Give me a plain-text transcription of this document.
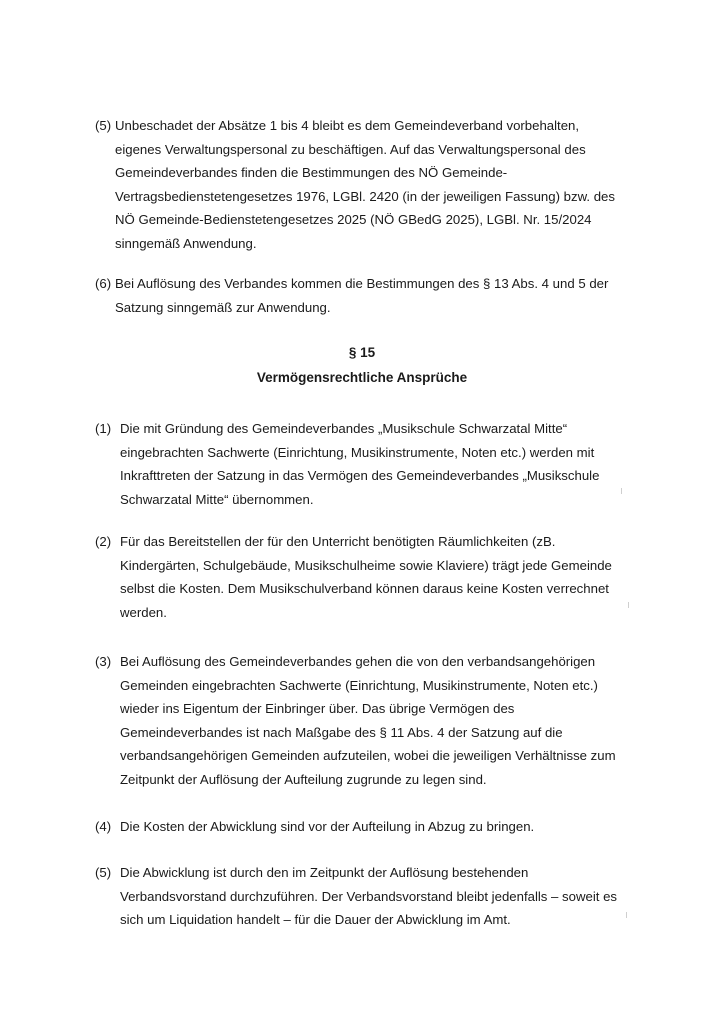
(5) Unbeschadet der Absätze 1 bis 4 bleibt es dem Gemeindeverband vorbehalten,
eigenes Verwaltungspersonal zu beschäftigen. Auf das Verwaltungspersonal des
Gemeindeverbandes finden die Bestimmungen des NÖ Gemeinde-
Vertragsbedienstetengesetzes 1976, LGBl. 2420 (in der jeweiligen Fassung) bzw. des
NÖ Gemeinde-Bedienstetengesetzes 2025 (NÖ GBedG 2025), LGBl. Nr. 15/2024
sinngemäß Anwendung.
(6) Bei Auflösung des Verbandes kommen die Bestimmungen des § 13 Abs. 4 und 5 der
Satzung sinngemäß zur Anwendung.
§ 15
Vermögensrechtliche Ansprüche
(1) Die mit Gründung des Gemeindeverbandes „Musikschule Schwarzatal Mitte“
eingebrachten Sachwerte (Einrichtung, Musikinstrumente, Noten etc.) werden mit
Inkrafttreten der Satzung in das Vermögen des Gemeindeverbandes „Musikschule
Schwarzatal Mitte“ übernommen.
(2) Für das Bereitstellen der für den Unterricht benötigten Räumlichkeiten (zB.
Kindergärten, Schulgebäude, Musikschulheime sowie Klaviere) trägt jede Gemeinde
selbst die Kosten. Dem Musikschulverband können daraus keine Kosten verrechnet
werden.
(3) Bei Auflösung des Gemeindeverbandes gehen die von den verbandsangehörigen
Gemeinden eingebrachten Sachwerte (Einrichtung, Musikinstrumente, Noten etc.)
wieder ins Eigentum der Einbringer über. Das übrige Vermögen des
Gemeindeverbandes ist nach Maßgabe des § 11 Abs. 4 der Satzung auf die
verbandsangehörigen Gemeinden aufzuteilen, wobei die jeweiligen Verhältnisse zum
Zeitpunkt der Auflösung der Aufteilung zugrunde zu legen sind.
(4) Die Kosten der Abwicklung sind vor der Aufteilung in Abzug zu bringen.
(5) Die Abwicklung ist durch den im Zeitpunkt der Auflösung bestehenden
Verbandsvorstand durchzuführen. Der Verbandsvorstand bleibt jedenfalls – soweit es
sich um Liquidation handelt – für die Dauer der Abwicklung im Amt.
